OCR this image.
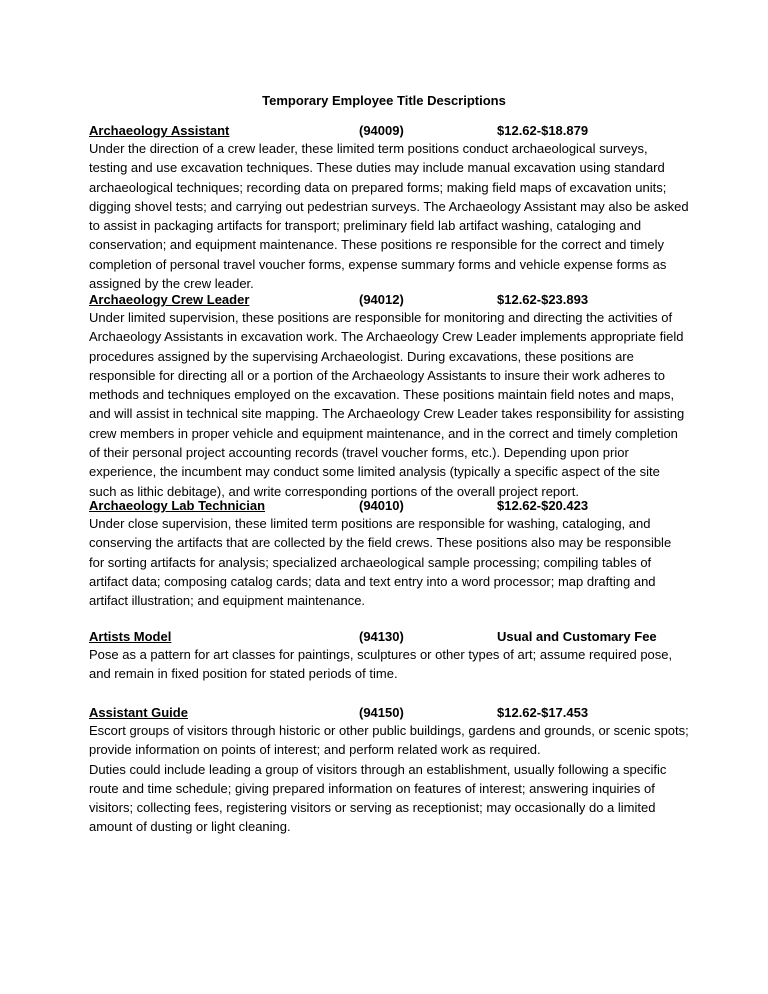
Temporary Employee Title Descriptions
Archaeology Assistant	(94009)	$12.62-$18.879

Under the direction of a crew leader, these limited term positions conduct archaeological surveys, testing and use excavation techniques. These duties may include manual excavation using standard archaeological techniques; recording data on prepared forms; making field maps of excavation units; digging shovel tests; and carrying out pedestrian surveys. The Archaeology Assistant may also be asked to assist in packaging artifacts for transport; preliminary field lab artifact washing, cataloging and conservation; and equipment maintenance. These positions re responsible for the correct and timely completion of personal travel voucher forms, expense summary forms and vehicle expense forms as assigned by the crew leader.

Archaeology Crew Leader	(94012)	$12.62-$23.893

Under limited supervision, these positions are responsible for monitoring and directing the activities of Archaeology Assistants in excavation work. The Archaeology Crew Leader implements appropriate field procedures assigned by the supervising Archaeologist. During excavations, these positions are responsible for directing all or a portion of the Archaeology Assistants to insure their work adheres to methods and techniques employed on the excavation. These positions maintain field notes and maps, and will assist in technical site mapping. The Archaeology Crew Leader takes responsibility for assisting crew members in proper vehicle and equipment maintenance, and in the correct and timely completion of their personal project accounting records (travel voucher forms, etc.). Depending upon prior experience, the incumbent may conduct some limited analysis (typically a specific aspect of the site such as lithic debitage), and write corresponding portions of the overall project report.

Archaeology Lab Technician	(94010)	$12.62-$20.423

Under close supervision, these limited term positions are responsible for washing, cataloging, and conserving the artifacts that are collected by the field crews. These positions also may be responsible for sorting artifacts for analysis; specialized archaeological sample processing; compiling tables of artifact data; composing catalog cards; data and text entry into a word processor; map drafting and artifact illustration; and equipment maintenance.

Artists Model	(94130)	Usual and Customary Fee

Pose as a pattern for art classes for paintings, sculptures or other types of art; assume required pose, and remain in fixed position for stated periods of time.

Assistant Guide	(94150)	$12.62-$17.453

Escort groups of visitors through historic or other public buildings, gardens and grounds, or scenic spots; provide information on points of interest; and perform related work as required.

Duties could include leading a group of visitors through an establishment, usually following a specific route and time schedule; giving prepared information on features of interest; answering inquiries of visitors; collecting fees, registering visitors or serving as receptionist; may occasionally do a limited amount of dusting or light cleaning.
